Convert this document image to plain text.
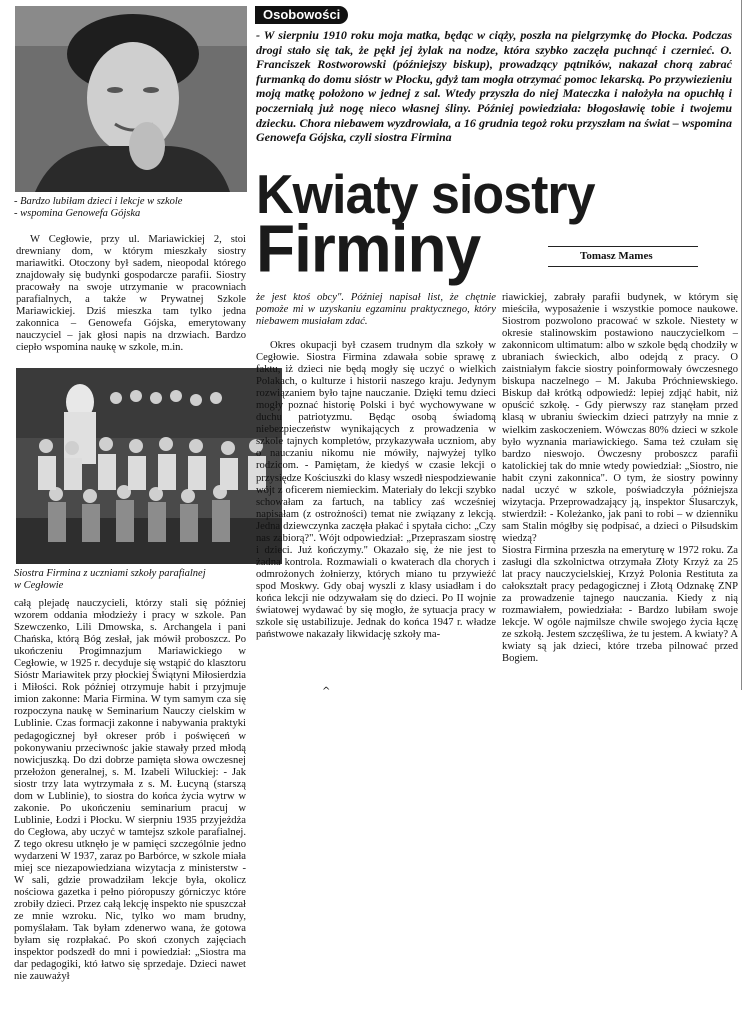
- Bardzo lubiłam dzieci i lekcje w szkole
- wspomina Genowefa Gójska
Osobowości
- W sierpniu 1910 roku moja matka, będąc w ciąży, poszła na pielgrzymkę do Płocka. Podczas drogi stało się tak, że pękł jej żylak na nodze, która szybko zaczęła puchnąć i czernieć. O. Franciszek Rostworowski (późniejszy biskup), prowadzący pątników, nakazał chorą zabrać furmanką do domu sióstr w Płocku, gdyż tam mogła otrzymać pomoc lekarską. Po przywiezieniu moją matkę położono w jednej z sal. Wtedy przyszła do niej Mateczka i nałożyła na opuchłą i poczerniałą już nogę nieco własnej śliny. Później powiedziała: błogosławię tobie i twojemu dziecku. Chora niebawem wyzdrowiała, a 16 grudnia tegoż roku przyszłam na świat – wspomina Genowefa Gójska, czyli siostra Firmina
Kwiaty siostry
Firminy	Tomasz Mames
W Cegłowie, przy ul. Mariawickiej 2, stoi drewniany dom, w którym mieszkały siostry mariawitki. Otoczony był sadem, nieopodal którego znajdowały się budynki gospodarcze parafii. Siostry pracowały na swoje utrzymanie w pracowniach parafialnych, a także w Prywatnej Szkole Mariawickiej. Dziś mieszka tam tylko jedna zakonnica – Genowefa Gójska, emerytowany nauczyciel – jak głosi napis na drzwiach. Bardzo ciepło wspomina naukę w szkole, m.in.
Siostra Firmina z uczniami szkoły parafialnej
w Cegłowie
całą plejadę nauczycieli, którzy stali się później wzorem oddania młodzieży i pracy w szkole. Pan Szewczenko, Lili Dmowska, s. Archangela i pani Chańska, którą Bóg zesłał, jak mówił proboszcz. Po ukończeniu Progimnazjum Mariawickiego w Cegłowie, w 1925 r. decyduje się wstąpić do klasztoru Sióstr Mariawitek przy płockiej Świątyni Miłosierdzia i Miłości. Rok później otrzymuje habit i przyjmuje imion zakonne: Maria Firmina. W tym samym cza się rozpoczyna naukę w Seminarium Nauczy cielskim w Lublinie. Czas formacji zakonne i nabywania praktyki pedagogicznej był okreser prób i poświęceń w pokonywaniu przeciwnośc jakie stawały przed młodą nowicjuszką. Do dzi dobrze pamięta słowa owczesnej przełożon generalnej, s. M. Izabeli Wiluckiej: - Jak siostr trzy lata wytrzymała z s. M. Łucyną (starszą dom w Lublinie), to siostra do końca życia wytrw w zakonie. Po ukończeniu seminarium pracuj w Lublinie, Łodzi i Płocku. W sierpniu 1935 przyjeżdża do Cegłowa, aby uczyć w tamtejsz szkole parafialnej. Z tego okresu utknęło je w pamięci szczególnie jedno wydarzeni W 1937, zaraz po Barbórce, w szkole miała miej sce niezapowiedziana wizytacja z ministerstw - W sali, gdzie prowadziłam lekcje była, okolicz nościowa gazetka i pełno pióropuszy górniczyc które zrobiły dzieci. Przez całą lekcję inspekto nie spuszczał ze mnie wzroku. Nic, tylko wo mam brudny, pomyślałam. Tak byłam zdenerwo wana, że gotowa byłam się rozpłakać. Po skoń czonych zajęciach inspektor podszedł do mni i powiedział: „Siostra ma dar pedagogiki, któ łatwo się sprzedaje. Dzieci nawet nie zauważył
że jest ktoś obcy". Później napisał list, że chętnie pomoże mi w uzyskaniu egzaminu praktycznego, który niebawem musiałam zdać.
Okres okupacji był czasem trudnym dla szkoły w Cegłowie. Siostra Firmina zdawała sobie sprawę z faktu, iż dzieci nie będą mogły się uczyć o wielkich Polakach, o kulturze i historii naszego kraju. Jedynym rozwiązaniem było tajne nauczanie. Dzięki temu dzieci mogły poznać historię Polski i być wychowywane w duchu patriotyzmu. Będąc osobą świadomą niebezpieczeństw wynikających z prowadzenia w szkole tajnych kompletów, przykazywała uczniom, aby o nauczaniu nikomu nie mówiły, najwyżej tylko rodzicom. - Pamiętam, że kiedyś w czasie lekcji o przysiędze Kościuszki do klasy wszedł niespodziewanie wójt z oficerem niemieckim. Materiały do lekcji szybko schowałam za fartuch, na tablicy zaś wcześniej napisałam (z ostrożności) temat nie związany z lekcją. Jedna dziewczynka zaczęła płakać i spytała cicho: „Czy nas zabiorą?". Wójt odpowiedział: „Przepraszam siostrę i dzieci. Już kończymy." Okazało się, że nie jest to żadna kontrola. Rozmawiali o kwaterach dla chorych i odmrożonych żołnierzy, których miano tu przywieźć spod Moskwy. Gdy obaj wyszli z klasy usiadłam i do końca lekcji nie odzywałam się do dzieci. Po II wojnie światowej wydawać by się mogło, że sytuacja pracy w szkole się ustabilizuje. Jednak do końca 1947 r. władze państwowe nakazały likwidację szkoły ma-
^
riawickiej, zabrały parafii budynek, w którym się mieściła, wyposażenie i wszystkie pomoce naukowe. Siostrom pozwolono pracować w szkole. Niestety w okresie stalinowskim postawiono nauczycielkom – zakonnicom ultimatum: albo w szkole będą chodziły w ubraniach świeckich, albo odejdą z pracy. O zaistniałym fakcie siostry poinformowały ówczesnego biskupa naczelnego – M. Jakuba Próchniewskiego. Biskup dał krótką odpowiedź: lepiej zdjąć habit, niż opuścić szkołę. - Gdy pierwszy raz stanęłam przed klasą w ubraniu świeckim dzieci patrzyły na mnie z wielkim zaskoczeniem. Wówczas 80% dzieci w szkole było wyznania mariawickiego. Sama też czułam się bardzo nieswojo. Ówczesny proboszcz parafii katolickiej tak do mnie wtedy powiedział: „Siostro, nie habit czyni zakonnica". O tym, że siostry powinny nadal uczyć w szkole, poświadczyła późniejsza wizytacja. Przeprowadzający ją, inspektor Ślusarczyk, stwierdził: - Koleżanko, jak pani to robi – w dzienniku sam Stalin mógłby się podpisać, a dzieci o Piłsudskim wiedzą?
Siostra Firmina przeszła na emeryturę w 1972 roku. Za zasługi dla szkolnictwa otrzymała Złoty Krzyż za 25 lat pracy nauczycielskiej, Krzyż Polonia Restituta za całokształt pracy pedagogicznej i Złotą Odznakę ZNP za prowadzenie tajnego nauczania. Kiedy z nią rozmawiałem, powiedziała: - Bardzo lubiłam swoje lekcje. W ogóle najmilsze chwile swojego życia łączę ze szkołą. Jestem szczęśliwa, że tu jestem. A kwiaty? A kwiaty są jak dzieci, które trzeba pilnować przed Bogiem.
